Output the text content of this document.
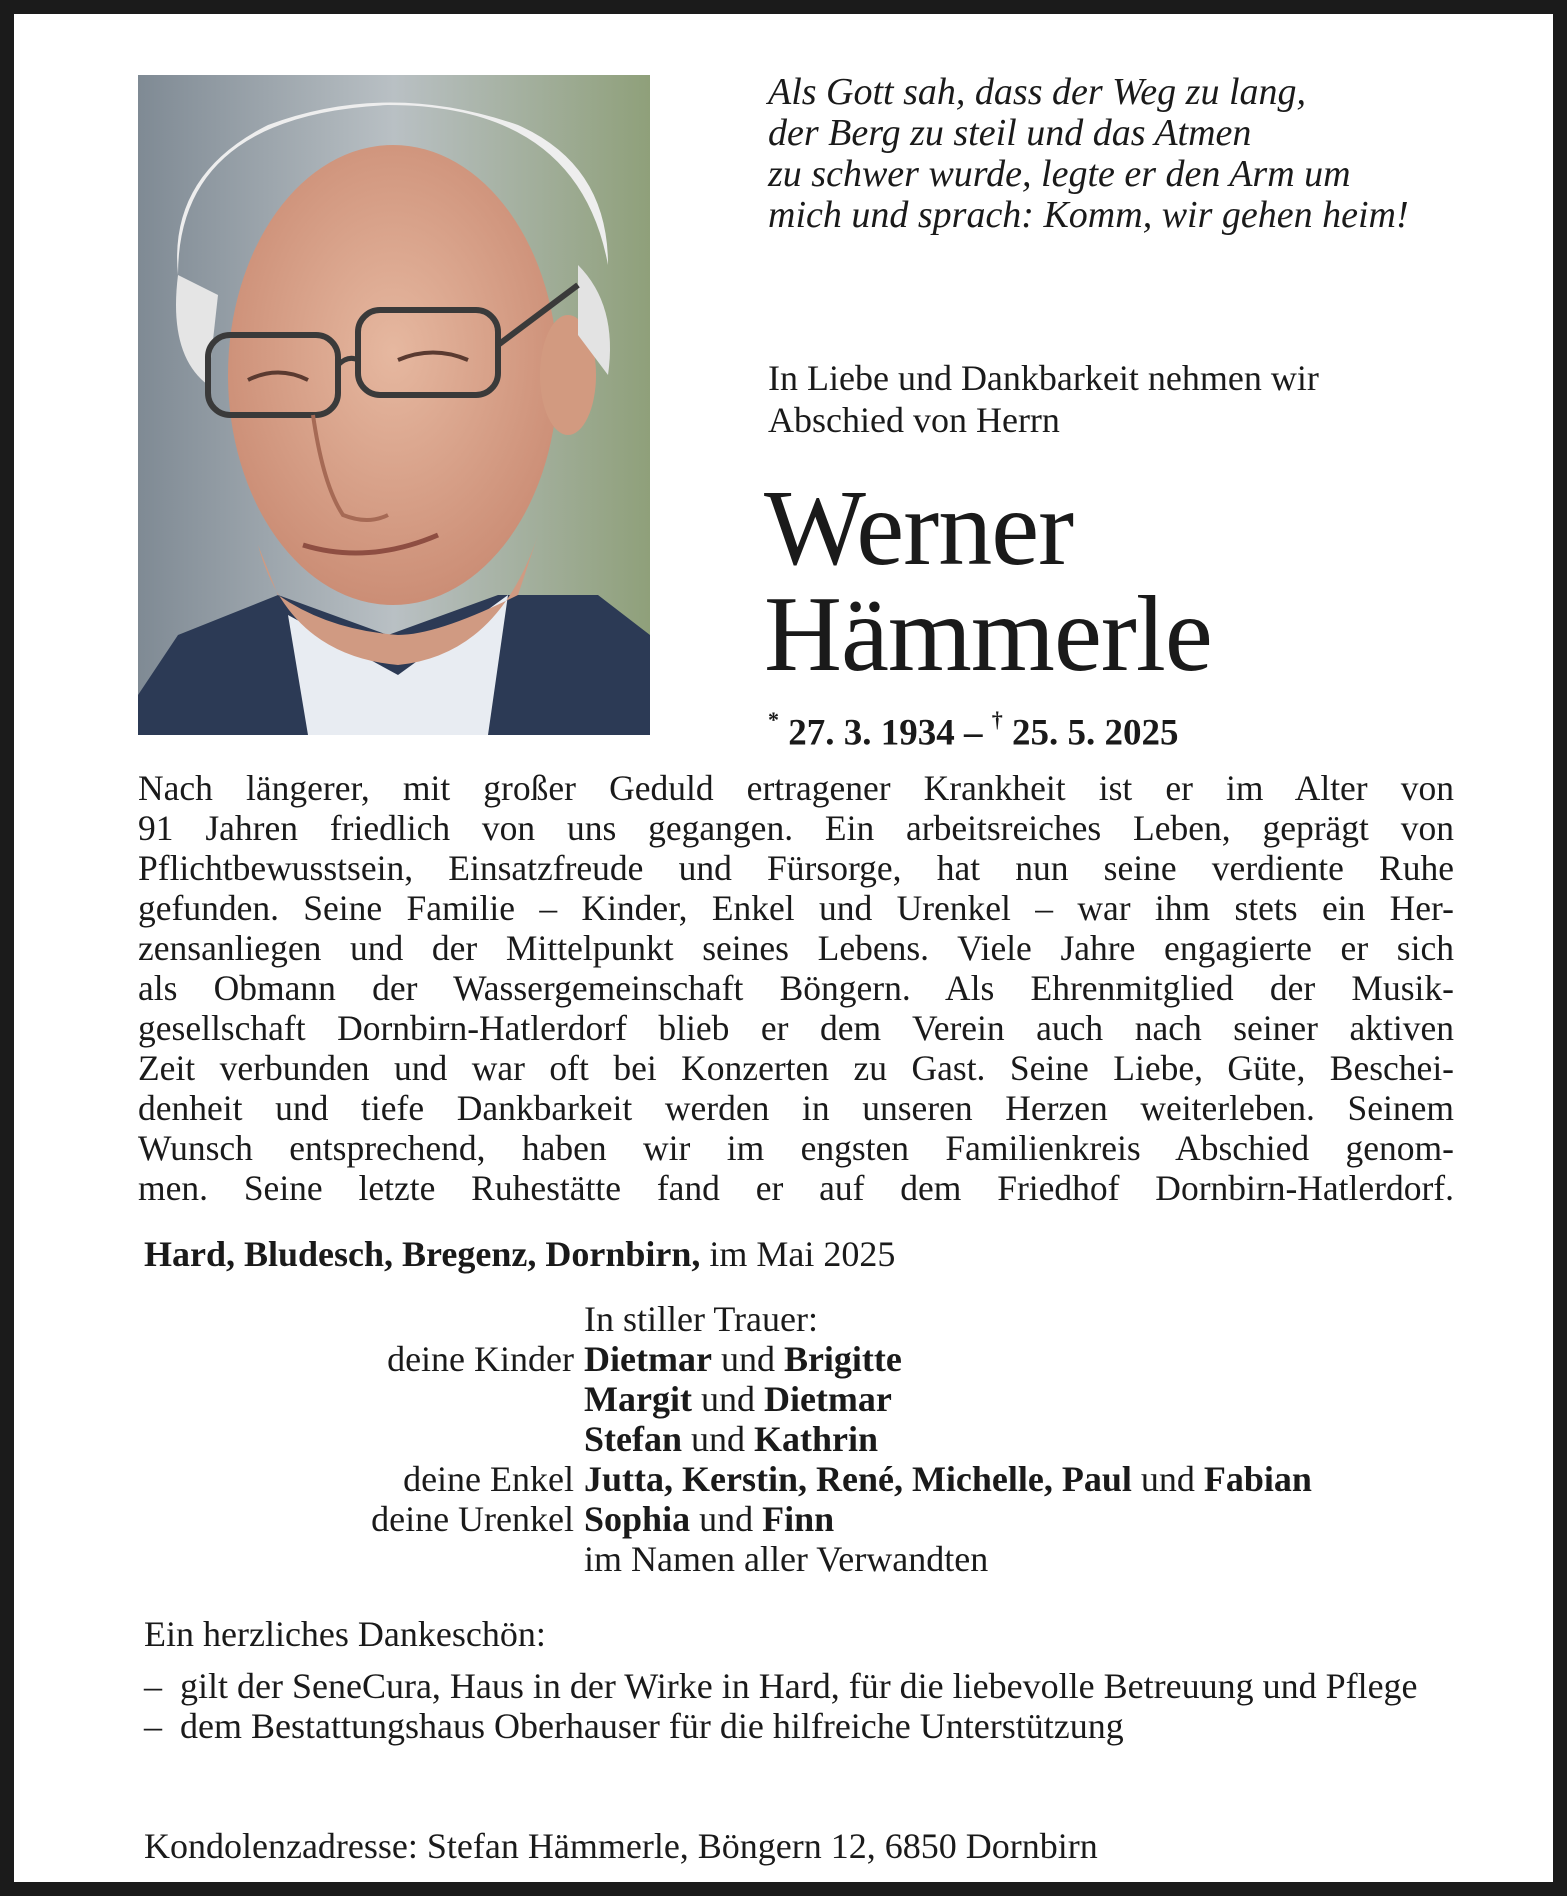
Als Gott sah, dass der Weg zu lang,
der Berg zu steil und das Atmen
zu schwer wurde, legte er den Arm um
mich und sprach: Komm, wir gehen heim!
In Liebe und Dankbarkeit nehmen wir
Abschied von Herrn
Werner
Hämmerle
* 27. 3. 1934 – † 25. 5. 2025
Nach längerer, mit großer Geduld ertragener Krankheit ist er im Alter von
91 Jahren friedlich von uns gegangen. Ein arbeitsreiches Leben, geprägt von
Pflichtbewusstsein, Einsatzfreude und Fürsorge, hat nun seine verdiente Ruhe
gefunden. Seine Familie – Kinder, Enkel und Urenkel – war ihm stets ein Her-
zensanliegen und der Mittelpunkt seines Lebens. Viele Jahre engagierte er sich
als Obmann der Wassergemeinschaft Böngern. Als Ehrenmitglied der Musik-
gesellschaft Dornbirn-Hatlerdorf blieb er dem Verein auch nach seiner aktiven
Zeit verbunden und war oft bei Konzerten zu Gast. Seine Liebe, Güte, Beschei-
denheit und tiefe Dankbarkeit werden in unseren Herzen weiterleben. Seinem
Wunsch entsprechend, haben wir im engsten Familienkreis Abschied genom-
men. Seine letzte Ruhestätte fand er auf dem Friedhof Dornbirn-Hatlerdorf.
Hard, Bludesch, Bregenz, Dornbirn, im Mai 2025
In stiller Trauer:
deine Kinder Dietmar und Brigitte
Margit und Dietmar
Stefan und Kathrin
deine Enkel Jutta, Kerstin, René, Michelle, Paul und Fabian
deine Urenkel Sophia und Finn
im Namen aller Verwandten
Ein herzliches Dankeschön:
– gilt der SeneCura, Haus in der Wirke in Hard, für die liebevolle Betreuung und Pflege
– dem Bestattungshaus Oberhauser für die hilfreiche Unterstützung
Kondolenzadresse: Stefan Hämmerle, Böngern 12, 6850 Dornbirn
